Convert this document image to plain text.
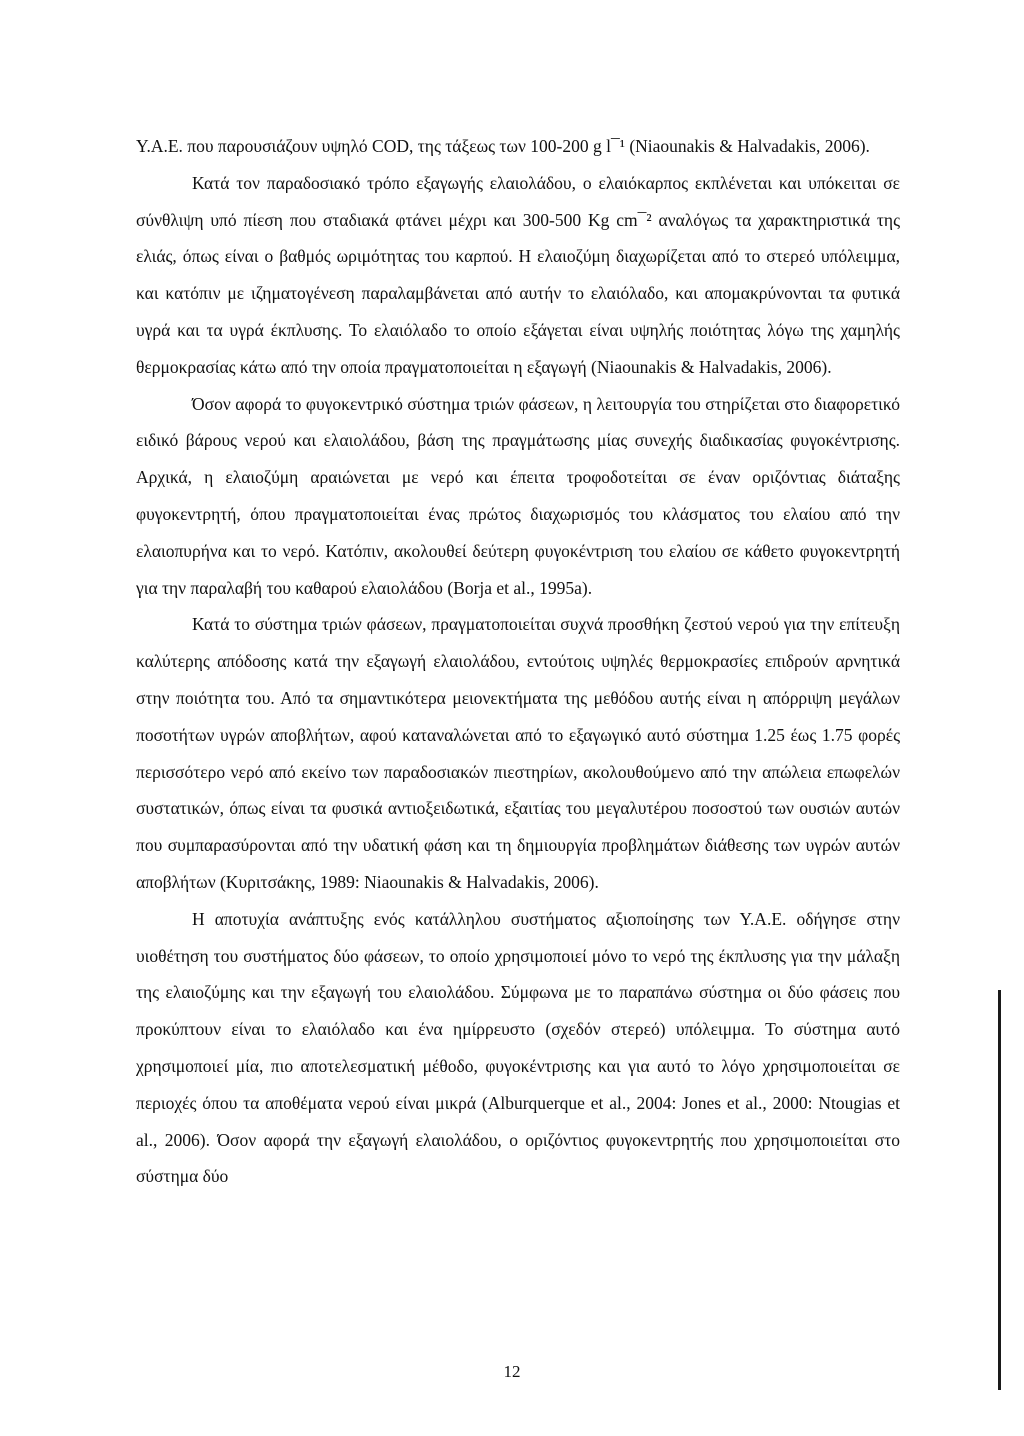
Υ.Α.Ε. που παρουσιάζουν υψηλό COD, της τάξεως των 100-200 g l¯¹ (Niaounakis & Halvadakis, 2006).

Κατά τον παραδοσιακό τρόπο εξαγωγής ελαιολάδου, ο ελαιόκαρπος εκπλένεται και υπόκειται σε σύνθλιψη υπό πίεση που σταδιακά φτάνει μέχρι και 300-500 Kg cm¯² αναλόγως τα χαρακτηριστικά της ελιάς, όπως είναι ο βαθμός ωριμότητας του καρπού. Η ελαιοζύμη διαχωρίζεται από το στερεό υπόλειμμα, και κατόπιν με ιζηματογένεση παραλαμβάνεται από αυτήν το ελαιόλαδο, και απομακρύνονται τα φυτικά υγρά και τα υγρά έκπλυσης. Το ελαιόλαδο το οποίο εξάγεται είναι υψηλής ποιότητας λόγω της χαμηλής θερμοκρασίας κάτω από την οποία πραγματοποιείται η εξαγωγή (Niaounakis & Halvadakis, 2006).

Όσον αφορά το φυγοκεντρικό σύστημα τριών φάσεων, η λειτουργία του στηρίζεται στο διαφορετικό ειδικό βάρους νερού και ελαιολάδου, βάση της πραγμάτωσης μίας συνεχής διαδικασίας φυγοκέντρισης. Αρχικά, η ελαιοζύμη αραιώνεται με νερό και έπειτα τροφοδοτείται σε έναν οριζόντιας διάταξης φυγοκεντρητή, όπου πραγματοποιείται ένας πρώτος διαχωρισμός του κλάσματος του ελαίου από την ελαιοπυρήνα και το νερό. Κατόπιν, ακολουθεί δεύτερη φυγοκέντριση του ελαίου σε κάθετο φυγοκεντρητή για την παραλαβή του καθαρού ελαιολάδου (Borja et al., 1995a).

Κατά το σύστημα τριών φάσεων, πραγματοποιείται συχνά προσθήκη ζεστού νερού για την επίτευξη καλύτερης απόδοσης κατά την εξαγωγή ελαιολάδου, εντούτοις υψηλές θερμοκρασίες επιδρούν αρνητικά στην ποιότητα του. Από τα σημαντικότερα μειονεκτήματα της μεθόδου αυτής είναι η απόρριψη μεγάλων ποσοτήτων υγρών αποβλήτων, αφού καταναλώνεται από το εξαγωγικό αυτό σύστημα 1.25 έως 1.75 φορές περισσότερο νερό από εκείνο των παραδοσιακών πιεστηρίων, ακολουθούμενο από την απώλεια επωφελών συστατικών, όπως είναι τα φυσικά αντιοξειδωτικά, εξαιτίας του μεγαλυτέρου ποσοστού των ουσιών αυτών που συμπαρασύρονται από την υδατική φάση και τη δημιουργία προβλημάτων διάθεσης των υγρών αυτών αποβλήτων (Κυριτσάκης, 1989: Niaounakis & Halvadakis, 2006).

Η αποτυχία ανάπτυξης ενός κατάλληλου συστήματος αξιοποίησης των Υ.Α.Ε. οδήγησε στην υιοθέτηση του συστήματος δύο φάσεων, το οποίο χρησιμοποιεί μόνο το νερό της έκπλυσης για την μάλαξη της ελαιοζύμης και την εξαγωγή του ελαιολάδου. Σύμφωνα με το παραπάνω σύστημα οι δύο φάσεις που προκύπτουν είναι το ελαιόλαδο και ένα ημίρρευστο (σχεδόν στερεό) υπόλειμμα. Το σύστημα αυτό χρησιμοποιεί μία, πιο αποτελεσματική μέθοδο, φυγοκέντρισης και για αυτό το λόγο χρησιμοποιείται σε περιοχές όπου τα αποθέματα νερού είναι μικρά (Alburquerque et al., 2004: Jones et al., 2000: Ntougias et al., 2006). Όσον αφορά την εξαγωγή ελαιολάδου, ο οριζόντιος φυγοκεντρητής που χρησιμοποιείται στο σύστημα δύο

12
